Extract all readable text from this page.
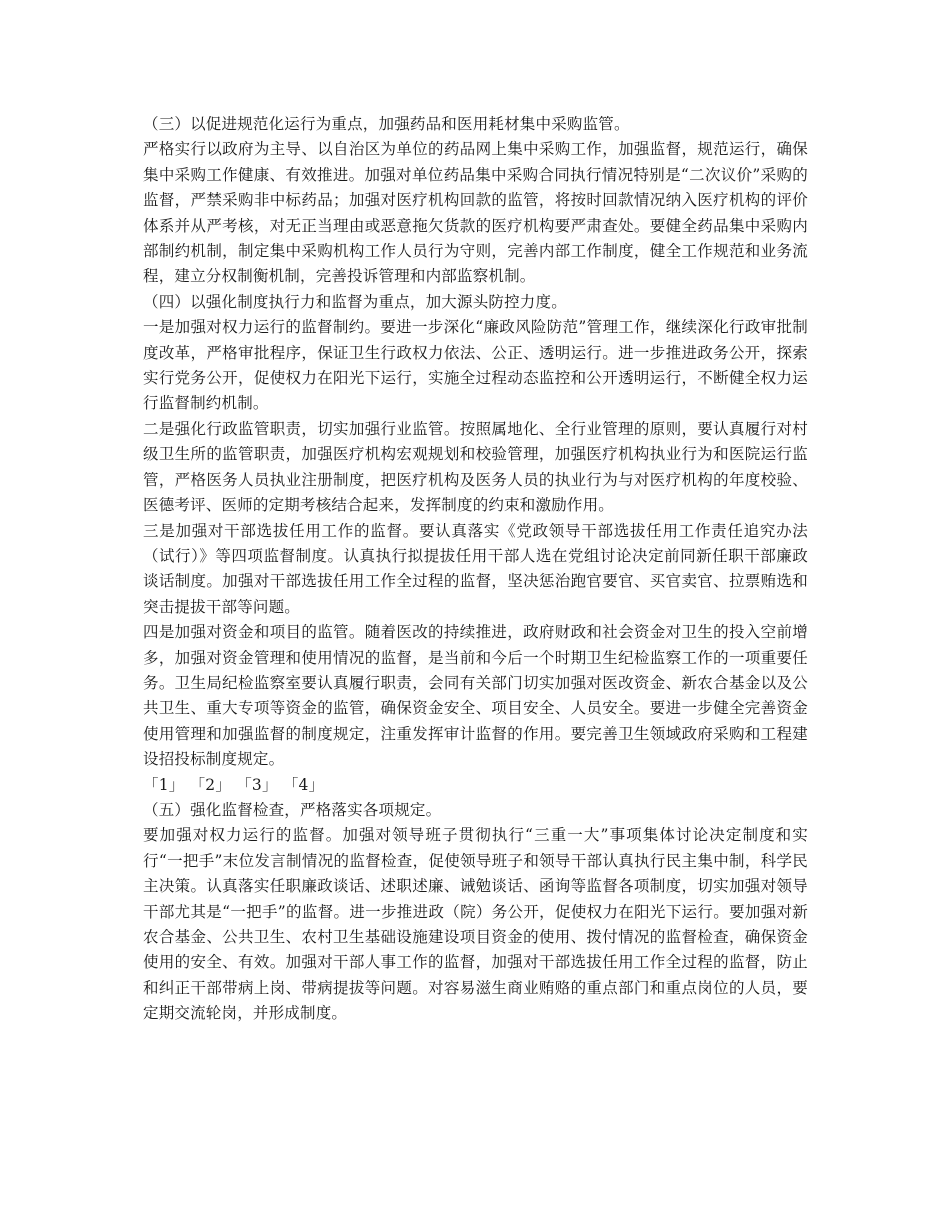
（三）以促进规范化运行为重点，加强药品和医用耗材集中采购监管。

严格实行以政府为主导、以自治区为单位的药品网上集中采购工作，加强监督，规范运行，确保集中采购工作健康、有效推进。加强对单位药品集中采购合同执行情况特别是“二次议价”采购的监督，严禁采购非中标药品；加强对医疗机构回款的监管，将按时回款情况纳入医疗机构的评价体系并从严考核，对无正当理由或恶意拖欠货款的医疗机构要严肃查处。要健全药品集中采购内部制约机制，制定集中采购机构工作人员行为守则，完善内部工作制度，健全工作规范和业务流程，建立分权制衡机制，完善投诉管理和内部监察机制。

（四）以强化制度执行力和监督为重点，加大源头防控力度。

一是加强对权力运行的监督制约。要进一步深化“廉政风险防范”管理工作，继续深化行政审批制度改革，严格审批程序，保证卫生行政权力依法、公正、透明运行。进一步推进政务公开，探索实行党务公开，促使权力在阳光下运行，实施全过程动态监控和公开透明运行，不断健全权力运行监督制约机制。

二是强化行政监管职责，切实加强行业监管。按照属地化、全行业管理的原则，要认真履行对村级卫生所的监管职责，加强医疗机构宏观规划和校验管理，加强医疗机构执业行为和医院运行监管，严格医务人员执业注册制度，把医疗机构及医务人员的执业行为与对医疗机构的年度校验、医德考评、医师的定期考核结合起来，发挥制度的约束和激励作用。

三是加强对干部选拔任用工作的监督。要认真落实《党政领导干部选拔任用工作责任追究办法（试行）》等四项监督制度。认真执行拟提拔任用干部人选在党组讨论决定前同新任职干部廉政谈话制度。加强对干部选拔任用工作全过程的监督，坚决惩治跑官要官、买官卖官、拉票贿选和突击提拔干部等问题。

四是加强对资金和项目的监管。随着医改的持续推进，政府财政和社会资金对卫生的投入空前增多，加强对资金管理和使用情况的监督，是当前和今后一个时期卫生纪检监察工作的一项重要任务。卫生局纪检监察室要认真履行职责，会同有关部门切实加强对医改资金、新农合基金以及公共卫生、重大专项等资金的监管，确保资金安全、项目安全、人员安全。要进一步健全完善资金使用管理和加强监督的制度规定，注重发挥审计监督的作用。要完善卫生领域政府采购和工程建设招投标制度规定。

「1」 「2」 「3」 「4」

（五）强化监督检查，严格落实各项规定。

要加强对权力运行的监督。加强对领导班子贯彻执行“三重一大”事项集体讨论决定制度和实行“一把手”末位发言制情况的监督检查，促使领导班子和领导干部认真执行民主集中制，科学民主决策。认真落实任职廉政谈话、述职述廉、诫勉谈话、函询等监督各项制度，切实加强对领导干部尤其是“一把手”的监督。进一步推进政（院）务公开，促使权力在阳光下运行。要加强对新农合基金、公共卫生、农村卫生基础设施建设项目资金的使用、拨付情况的监督检查，确保资金使用的安全、有效。加强对干部人事工作的监督，加强对干部选拔任用工作全过程的监督，防止和纠正干部带病上岗、带病提拔等问题。对容易滋生商业贿赂的重点部门和重点岗位的人员，要定期交流轮岗，并形成制度。
